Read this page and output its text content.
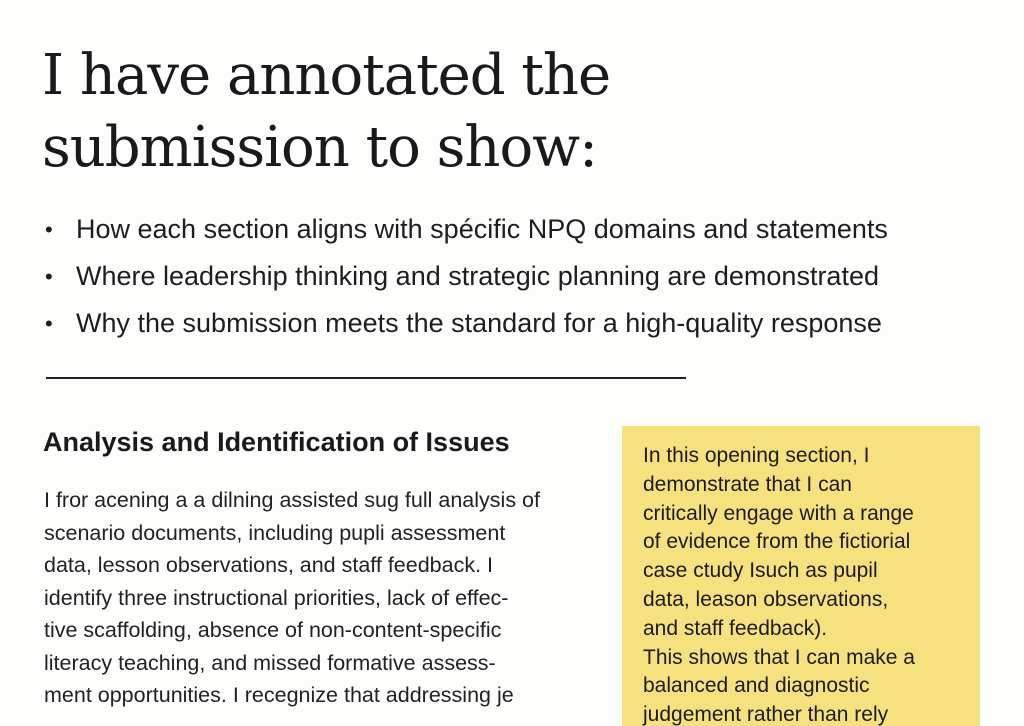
I have annotated the
submission to show:
• How each section aligns with spécific NPQ domains and statements
• Where leadership thinking and strategic planning are demonstrated
• Why the submission meets the standard for a high-quality response
Analysis and Identification of Issues

I fror acening a a dilning assisted sug full analysis of
scenario documents, including pupli assessment
data, lesson observations, and staff feedback. I
identify three instructional priorities, lack of effec-
tive scaffolding, absence of non-content-specific
literacy teaching, and missed formative assess-
ment opportunities. I recegnize that addressing je

In this opening section, I
demonstrate that I can
critically engage with a range
of evidence from the fictiorial
case ctudy Isuch as pupil
data, leason observations,
and staff feedback).
This shows that I can make a
balanced and diagnostic
judgement rather than rely
